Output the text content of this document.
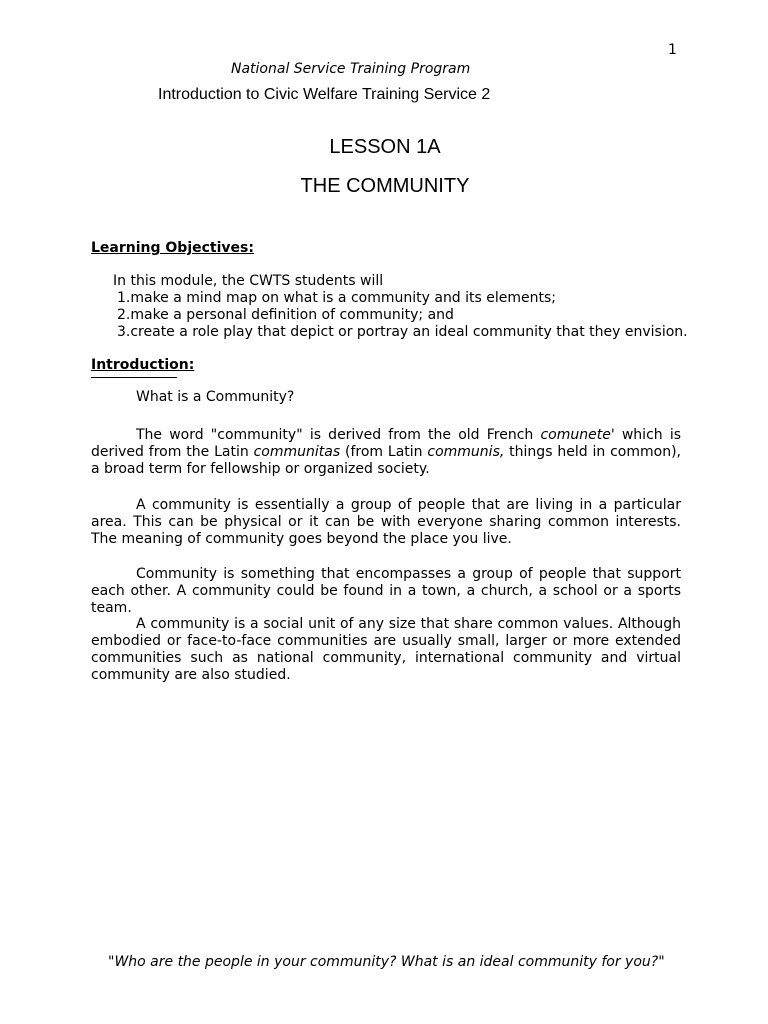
1
National Service Training Program
Introduction to Civic Welfare Training Service 2
LESSON 1A
THE COMMUNITY
Learning Objectives:
In this module, the CWTS students will
1.make a mind map on what is a community and its elements;
2.make a personal definition of community; and
3.create a role play that depict or portray an ideal community that they envision.
Introduction:

What is a Community?

The word "community" is derived from the old French comunete' which is derived from the Latin communitas (from Latin communis, things held in common), a broad term for fellowship or organized society.

A community is essentially a group of people that are living in a particular area. This can be physical or it can be with everyone sharing common interests. The meaning of community goes beyond the place you live.

Community is something that encompasses a group of people that support each other. A community could be found in a town, a church, a school or a sports team.

A community is a social unit of any size that share common values. Although embodied or face-to-face communities are usually small, larger or more extended communities such as national community, international community and virtual community are also studied.

"Who are the people in your community? What is an ideal community for you?"
